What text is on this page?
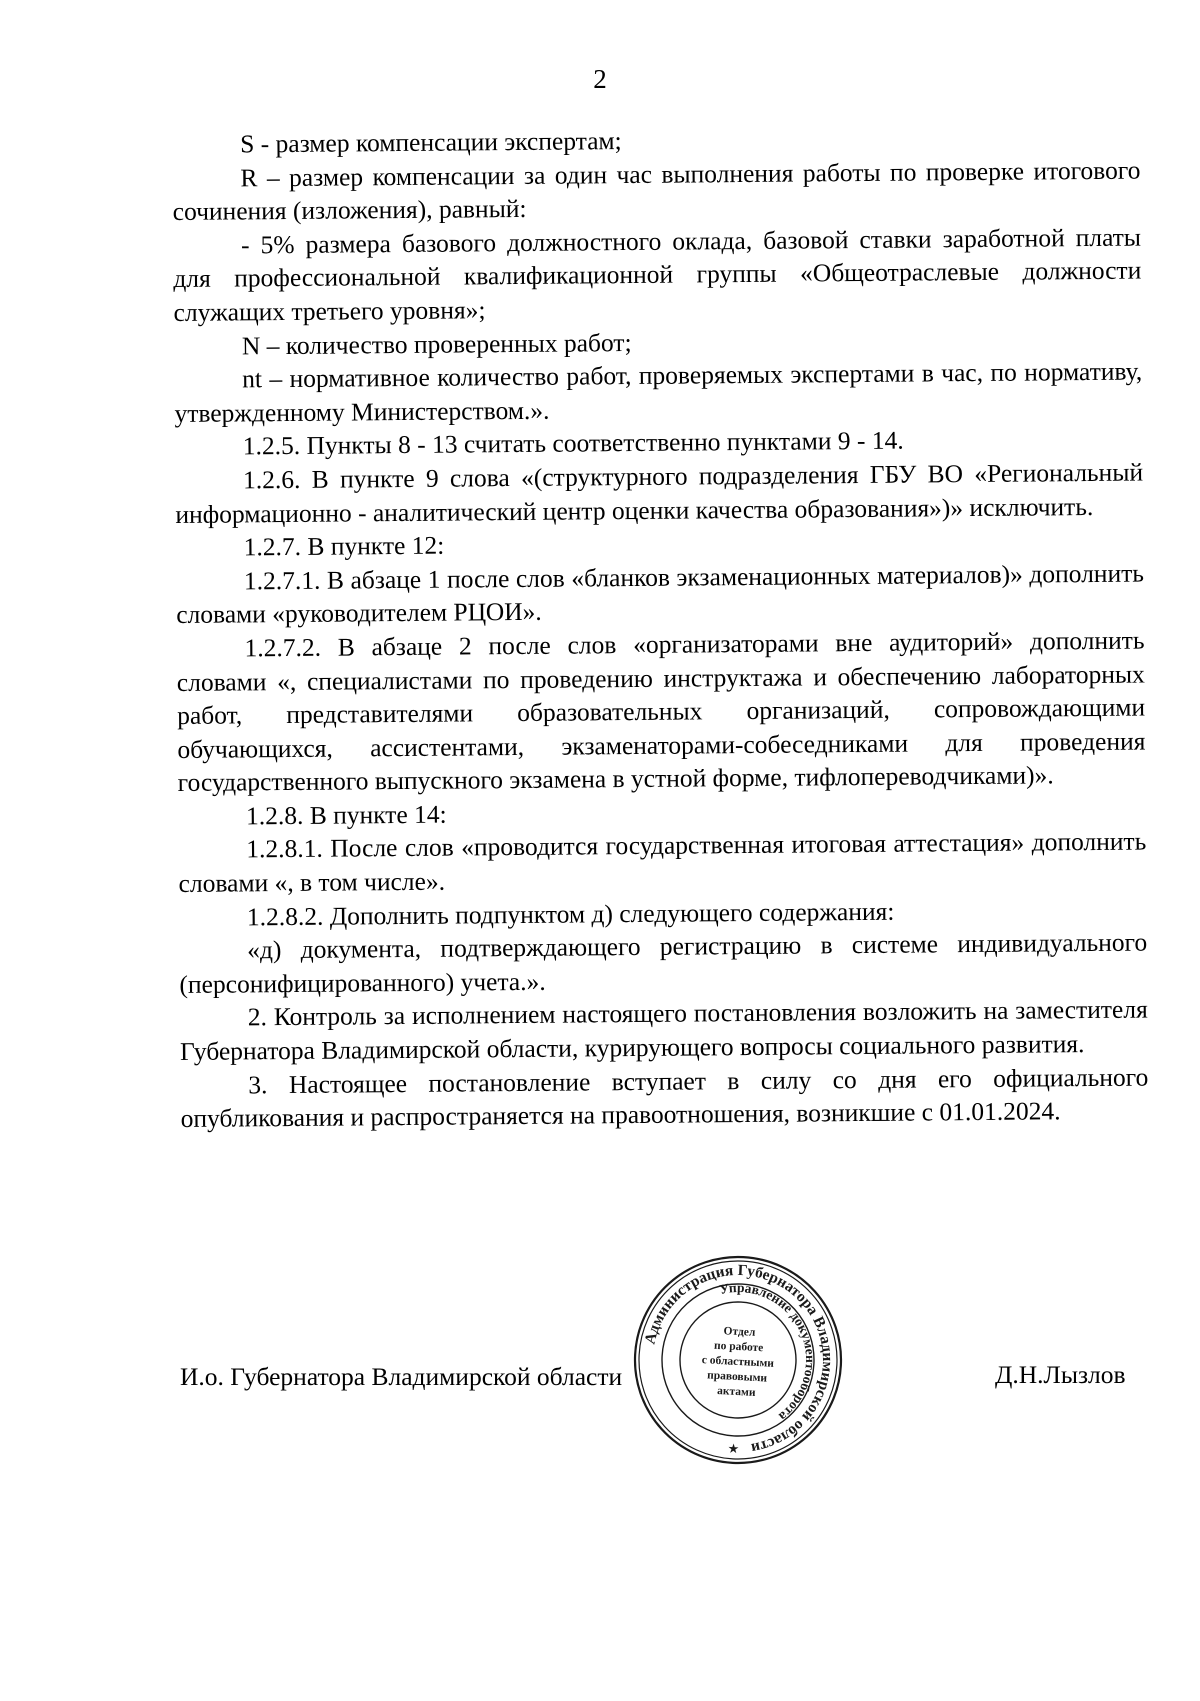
2

S - размер компенсации экспертам;

R – размер компенсации за один час выполнения работы по проверке итогового сочинения (изложения), равный:

- 5% размера базового должностного оклада, базовой ставки заработной платы для профессиональной квалификационной группы «Общеотраслевые должности служащих третьего уровня»;

N – количество проверенных работ;

nt – нормативное количество работ, проверяемых экспертами в час, по нормативу, утвержденному Министерством.».

1.2.5. Пункты 8 - 13 считать соответственно пунктами 9 - 14.

1.2.6. В пункте 9 слова «(структурного подразделения ГБУ ВО «Региональный информационно - аналитический центр оценки качества образования»)» исключить.

1.2.7. В пункте 12:

1.2.7.1. В абзаце 1 после слов «бланков экзаменационных материалов)» дополнить словами «руководителем РЦОИ».

1.2.7.2. В абзаце 2 после слов «организаторами вне аудиторий» дополнить словами «, специалистами по проведению инструктажа и обеспечению лабораторных работ, представителями образовательных организаций, сопровождающими обучающихся, ассистентами, экзаменаторами-собеседниками для проведения государственного выпускного экзамена в устной форме, тифлопереводчиками)».

1.2.8. В пункте 14:

1.2.8.1. После слов «проводится государственная итоговая аттестация» дополнить словами «, в том числе».

1.2.8.2. Дополнить подпунктом д) следующего содержания:

«д) документа, подтверждающего регистрацию в системе индивидуального (персонифицированного) учета.».

2. Контроль за исполнением настоящего постановления возложить на заместителя Губернатора Владимирской области, курирующего вопросы социального развития.

3. Настоящее постановление вступает в силу со дня его официального опубликования и распространяется на правоотношения, возникшие с 01.01.2024.

И.о. Губернатора Владимирской области	Д.Н.Лызлов
Администрация Губернатора Владимирской области
Управление документооборота
Отдел
по работе
с областными
правовыми
актами
★
